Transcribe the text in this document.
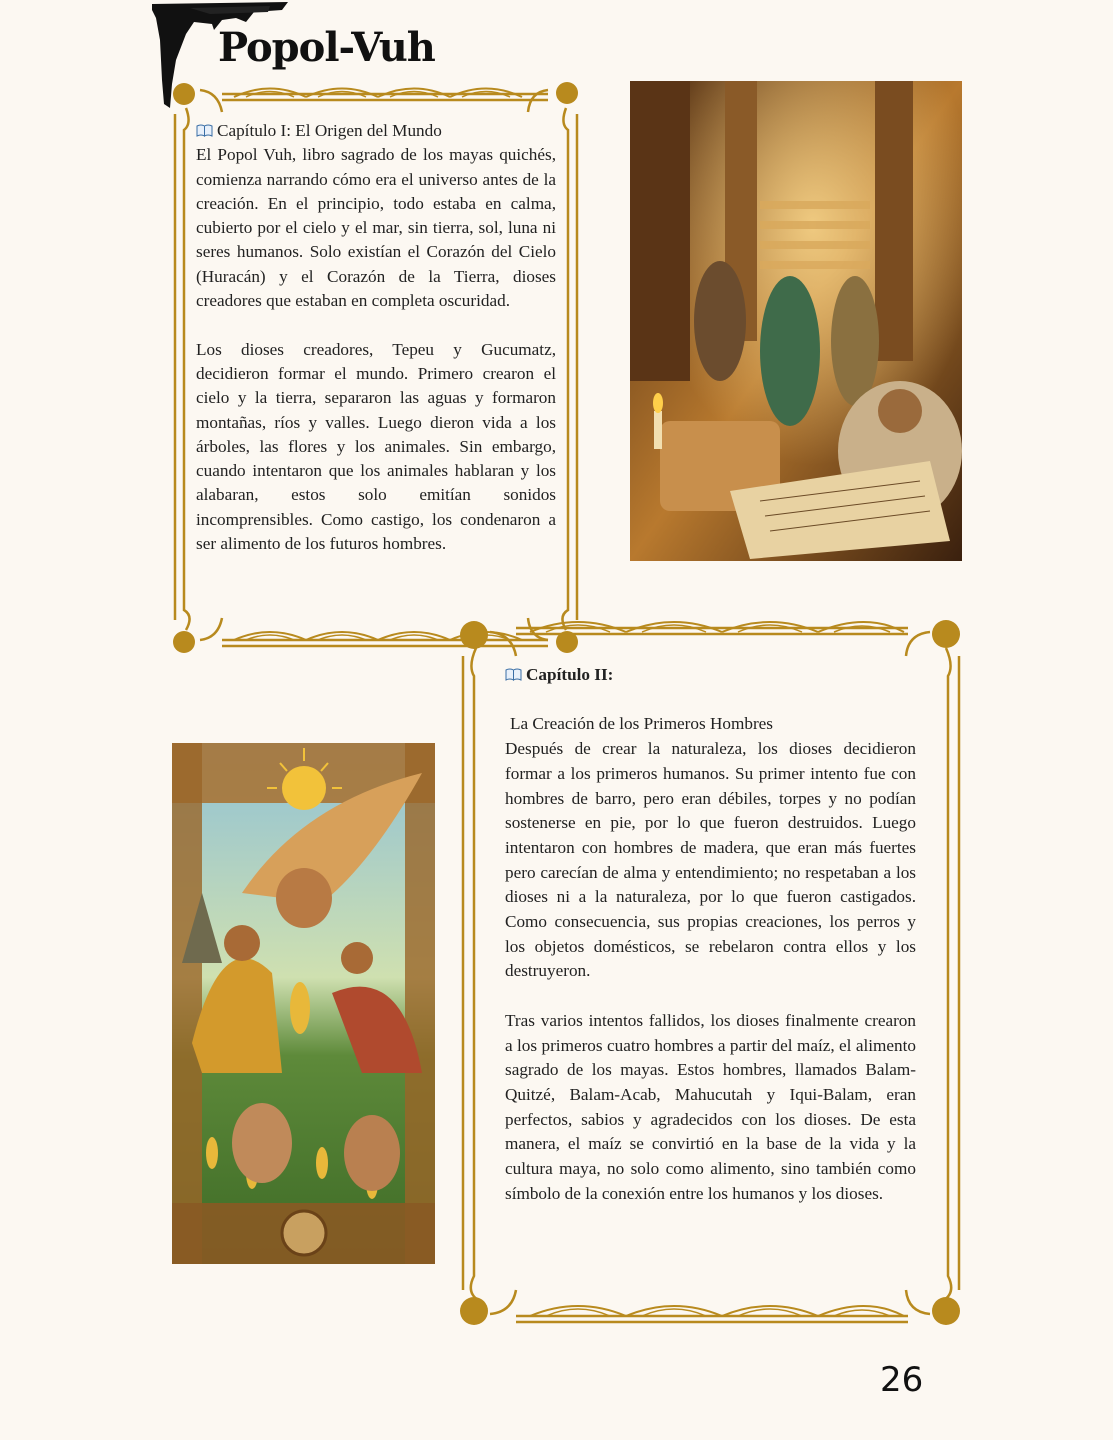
Popol-Vuh
Capítulo I: El Origen del Mundo

El Popol Vuh, libro sagrado de los mayas quichés, comienza narrando cómo era el universo antes de la creación. En el principio, todo estaba en calma, cubierto por el cielo y el mar, sin tierra, sol, luna ni seres humanos. Solo existían el Corazón del Cielo (Huracán) y el Corazón de la Tierra, dioses creadores que estaban en completa oscuridad.

Los dioses creadores, Tepeu y Gucumatz, decidieron formar el mundo. Primero crearon el cielo y la tierra, separaron las aguas y formaron montañas, ríos y valles. Luego dieron vida a los árboles, las flores y los animales. Sin embargo, cuando intentaron que los animales hablaran y los alabaran, estos solo emitían sonidos incomprensibles. Como castigo, los condenaron a ser alimento de los futuros hombres.

Capítulo II:
La Creación de los Primeros Hombres

Después de crear la naturaleza, los dioses decidieron formar a los primeros humanos. Su primer intento fue con hombres de barro, pero eran débiles, torpes y no podían sostenerse en pie, por lo que fueron destruidos. Luego intentaron con hombres de madera, que eran más fuertes pero carecían de alma y entendimiento; no respetaban a los dioses ni a la naturaleza, por lo que fueron castigados. Como consecuencia, sus propias creaciones, los perros y los objetos domésticos, se rebelaron contra ellos y los destruyeron.

Tras varios intentos fallidos, los dioses finalmente crearon a los primeros cuatro hombres a partir del maíz, el alimento sagrado de los mayas. Estos hombres, llamados Balam-Quitzé, Balam-Acab, Mahucutah y Iqui-Balam, eran perfectos, sabios y agradecidos con los dioses. De esta manera, el maíz se convirtió en la base de la vida y la cultura maya, no solo como alimento, sino también como símbolo de la conexión entre los humanos y los dioses.

26
